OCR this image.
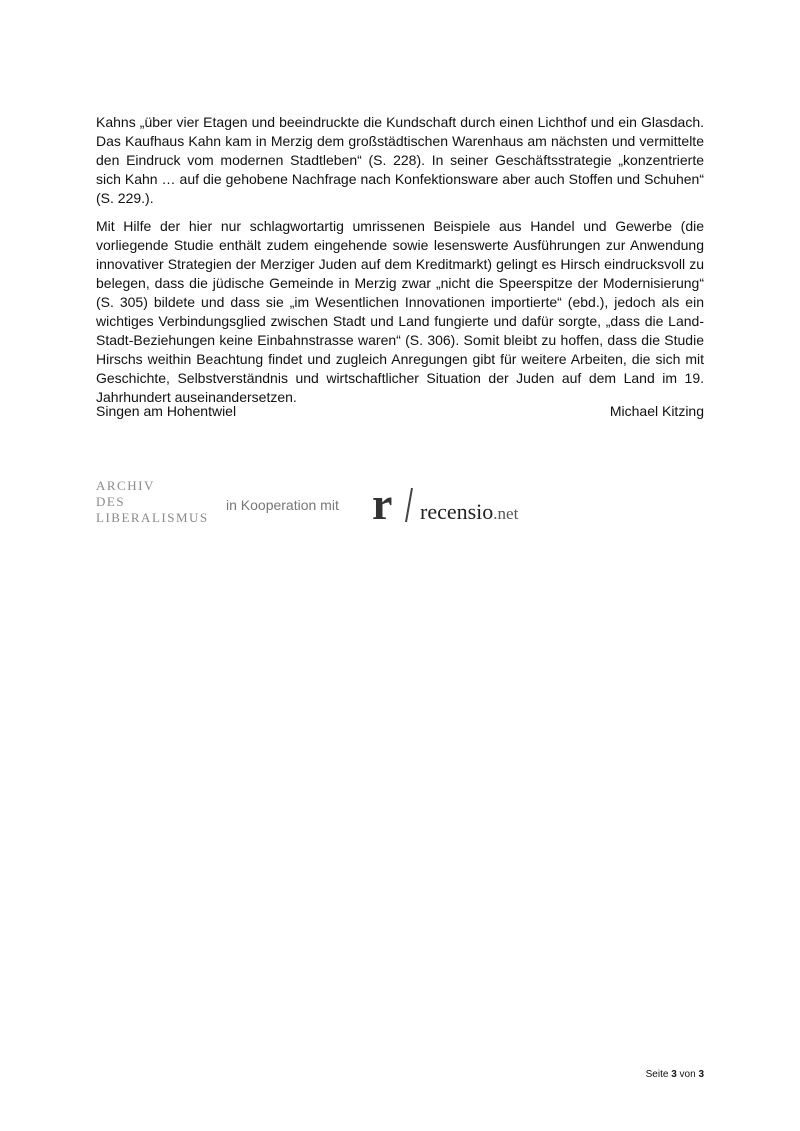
Kahns „über vier Etagen und beeindruckte die Kundschaft durch einen Lichthof und ein Glasdach. Das Kaufhaus Kahn kam in Merzig dem großstädtischen Warenhaus am nächsten und vermittelte den Eindruck vom modernen Stadtleben“ (S. 228). In seiner Geschäftsstrategie „konzentrierte sich Kahn … auf die gehobene Nachfrage nach Konfektionsware aber auch Stoffen und Schuhen“ (S. 229.).
Mit Hilfe der hier nur schlagwortartig umrissenen Beispiele aus Handel und Gewerbe (die vorliegende Studie enthält zudem eingehende sowie lesenswerte Ausführungen zur Anwendung innovativer Strategien der Merziger Juden auf dem Kreditmarkt) gelingt es Hirsch eindrucksvoll zu belegen, dass die jüdische Gemeinde in Merzig zwar „nicht die Speerspitze der Modernisierung“ (S. 305) bildete und dass sie „im Wesentlichen Innovationen importierte“ (ebd.), jedoch als ein wichtiges Verbindungsglied zwischen Stadt und Land fungierte und dafür sorgte, „dass die Land-Stadt-Beziehungen keine Einbahnstrasse waren“ (S. 306). Somit bleibt zu hoffen, dass die Studie Hirschs weithin Beachtung findet und zugleich Anregungen gibt für weitere Arbeiten, die sich mit Geschichte, Selbstverständnis und wirtschaftlicher Situation der Juden auf dem Land im 19. Jahrhundert auseinandersetzen.
Singen am Hohentwiel	Michael Kitzing
ARCHIV
DES
LIBERALISMUS
in Kooperation mit r recensio.net
Seite 3 von 3
